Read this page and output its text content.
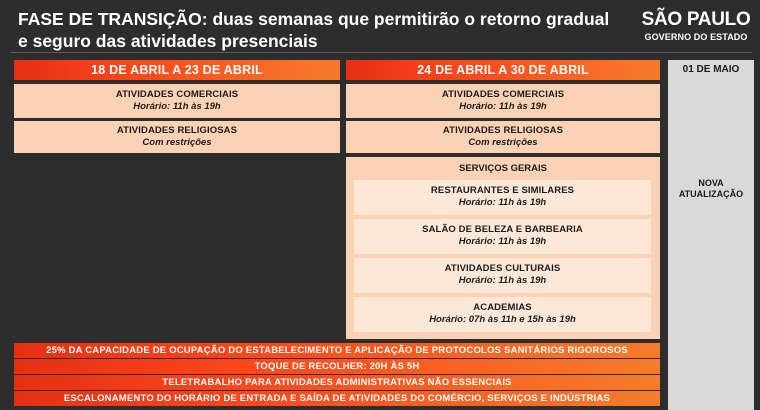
FASE DE TRANSIÇÃO: duas semanas que permitirão o retorno gradual e seguro das atividades presenciais
SÃO PAULO
GOVERNO DO ESTADO
18 DE ABRIL A 23 DE ABRIL
ATIVIDADES COMERCIAIS
Horário: 11h às 19h
ATIVIDADES RELIGIOSAS
Com restrições
24 DE ABRIL A 30 DE ABRIL
ATIVIDADES COMERCIAIS
Horário: 11h às 19h
ATIVIDADES RELIGIOSAS
Com restrições
SERVIÇOS GERAIS
RESTAURANTES E SIMILARES
Horário: 11h às 19h
SALÃO DE BELEZA E BARBEARIA
Horário: 11h às 19h
ATIVIDADES CULTURAIS
Horário: 11h às 19h
ACADEMIAS
Horário: 07h às 11h e 15h às 19h
01 DE MAIO
NOVA
ATUALIZAÇÃO
25% DA CAPACIDADE DE OCUPAÇÃO DO ESTABELECIMENTO E APLICAÇÃO DE PROTOCOLOS SANITÁRIOS RIGOROSOS
TOQUE DE RECOLHER: 20H ÀS 5H
TELETRABALHO PARA ATIVIDADES ADMINISTRATIVAS NÃO ESSENCIAIS
ESCALONAMENTO DO HORÁRIO DE ENTRADA E SAÍDA DE ATIVIDADES DO COMÉRCIO, SERVIÇOS E INDÚSTRIAS
